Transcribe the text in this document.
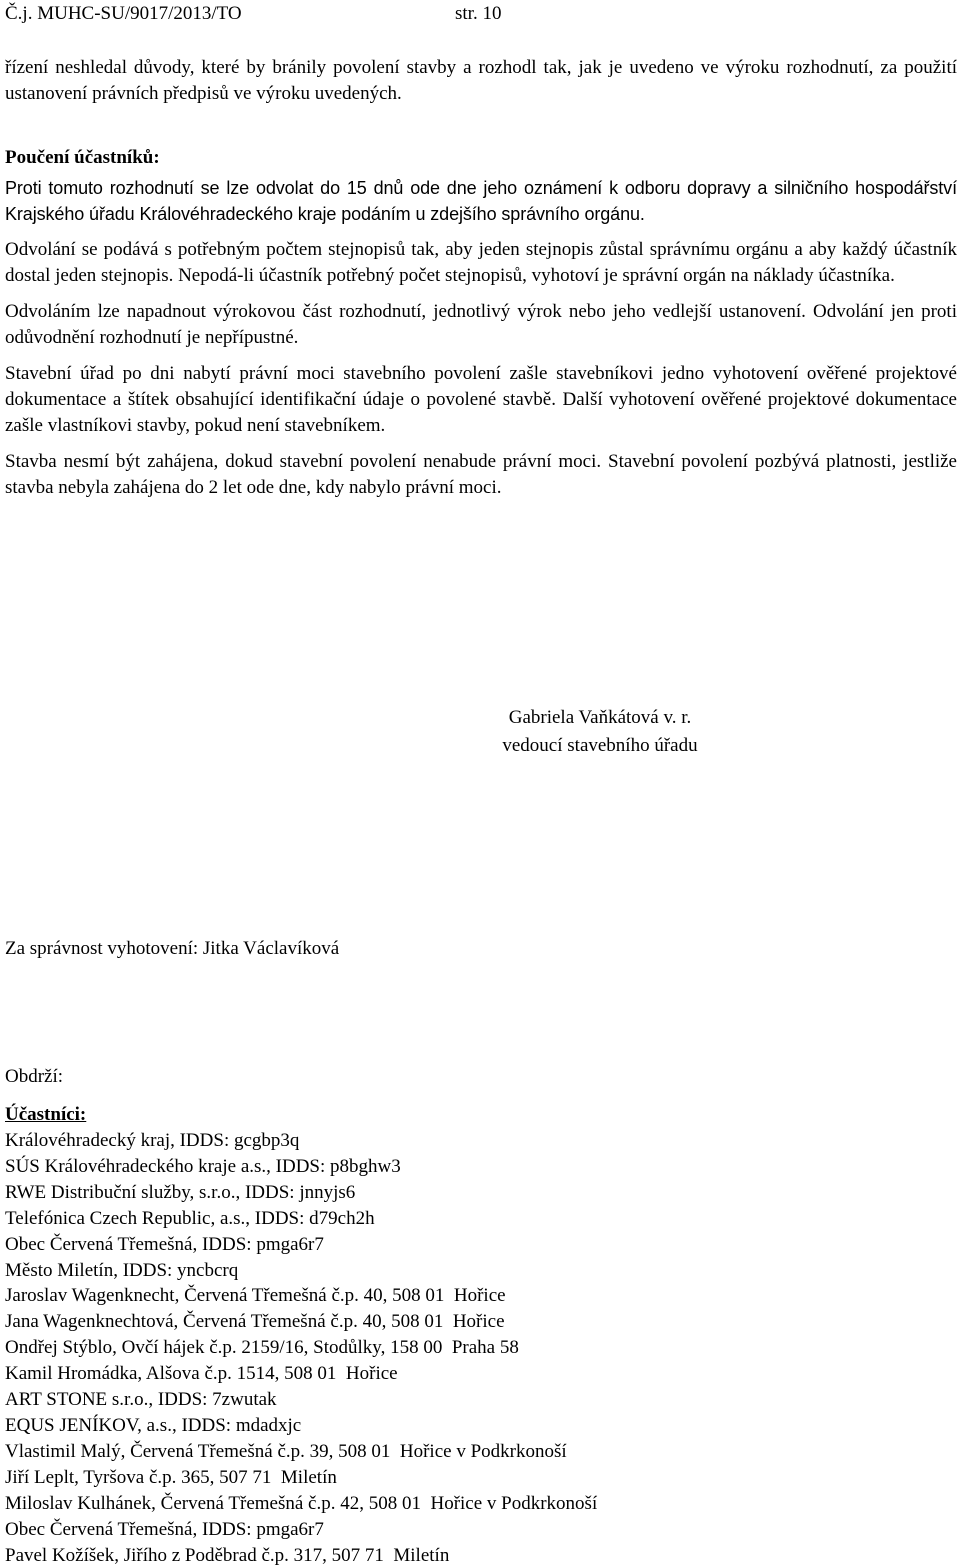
Č.j. MUHC-SU/9017/2013/TO	str. 10

řízení neshledal důvody, které by bránily povolení stavby a rozhodl tak, jak je uvedeno ve výroku rozhodnutí, za použití ustanovení právních předpisů ve výroku uvedených.

Poučení účastníků:

Proti tomuto rozhodnutí se lze odvolat do 15 dnů ode dne jeho oznámení k odboru dopravy a silničního hospodářství Krajského úřadu Královéhradeckého kraje podáním u zdejšího správního orgánu.

Odvolání se podává s potřebným počtem stejnopisů tak, aby jeden stejnopis zůstal správnímu orgánu a aby každý účastník dostal jeden stejnopis. Nepodá-li účastník potřebný počet stejnopisů, vyhotoví je správní orgán na náklady účastníka.

Odvoláním lze napadnout výrokovou část rozhodnutí, jednotlivý výrok nebo jeho vedlejší ustanovení. Odvolání jen proti odůvodnění rozhodnutí je nepřípustné.

Stavební úřad po dni nabytí právní moci stavebního povolení zašle stavebníkovi jedno vyhotovení ověřené projektové dokumentace a štítek obsahující identifikační údaje o povolené stavbě. Další vyhotovení ověřené projektové dokumentace zašle vlastníkovi stavby, pokud není stavebníkem.

Stavba nesmí být zahájena, dokud stavební povolení nenabude právní moci. Stavební povolení pozbývá platnosti, jestliže stavba nebyla zahájena do 2 let ode dne, kdy nabylo právní moci.

Gabriela Vaňkátová v. r.
vedoucí stavebního úřadu
Za správnost vyhotovení: Jitka Václavíková
Obdrží:
Účastníci:
Královéhradecký kraj, IDDS: gcgbp3q
SÚS Královéhradeckého kraje a.s., IDDS: p8bghw3
RWE Distribuční služby, s.r.o., IDDS: jnnyjs6
Telefónica Czech Republic, a.s., IDDS: d79ch2h
Obec Červená Třemešná, IDDS: pmga6r7
Město Miletín, IDDS: yncbcrq
Jaroslav Wagenknecht, Červená Třemešná č.p. 40, 508 01  Hořice
Jana Wagenknechtová, Červená Třemešná č.p. 40, 508 01  Hořice
Ondřej Stýblo, Ovčí hájek č.p. 2159/16, Stodůlky, 158 00  Praha 58
Kamil Hromádka, Alšova č.p. 1514, 508 01  Hořice
ART STONE s.r.o., IDDS: 7zwutak
EQUS JENÍKOV, a.s., IDDS: mdadxjc
Vlastimil Malý, Červená Třemešná č.p. 39, 508 01  Hořice v Podkrkonoší
Jiří Leplt, Tyršova č.p. 365, 507 71  Miletín
Miloslav Kulhánek, Červená Třemešná č.p. 42, 508 01  Hořice v Podkrkonoší
Obec Červená Třemešná, IDDS: pmga6r7
Pavel Kožíšek, Jiřího z Poděbrad č.p. 317, 507 71  Miletín
